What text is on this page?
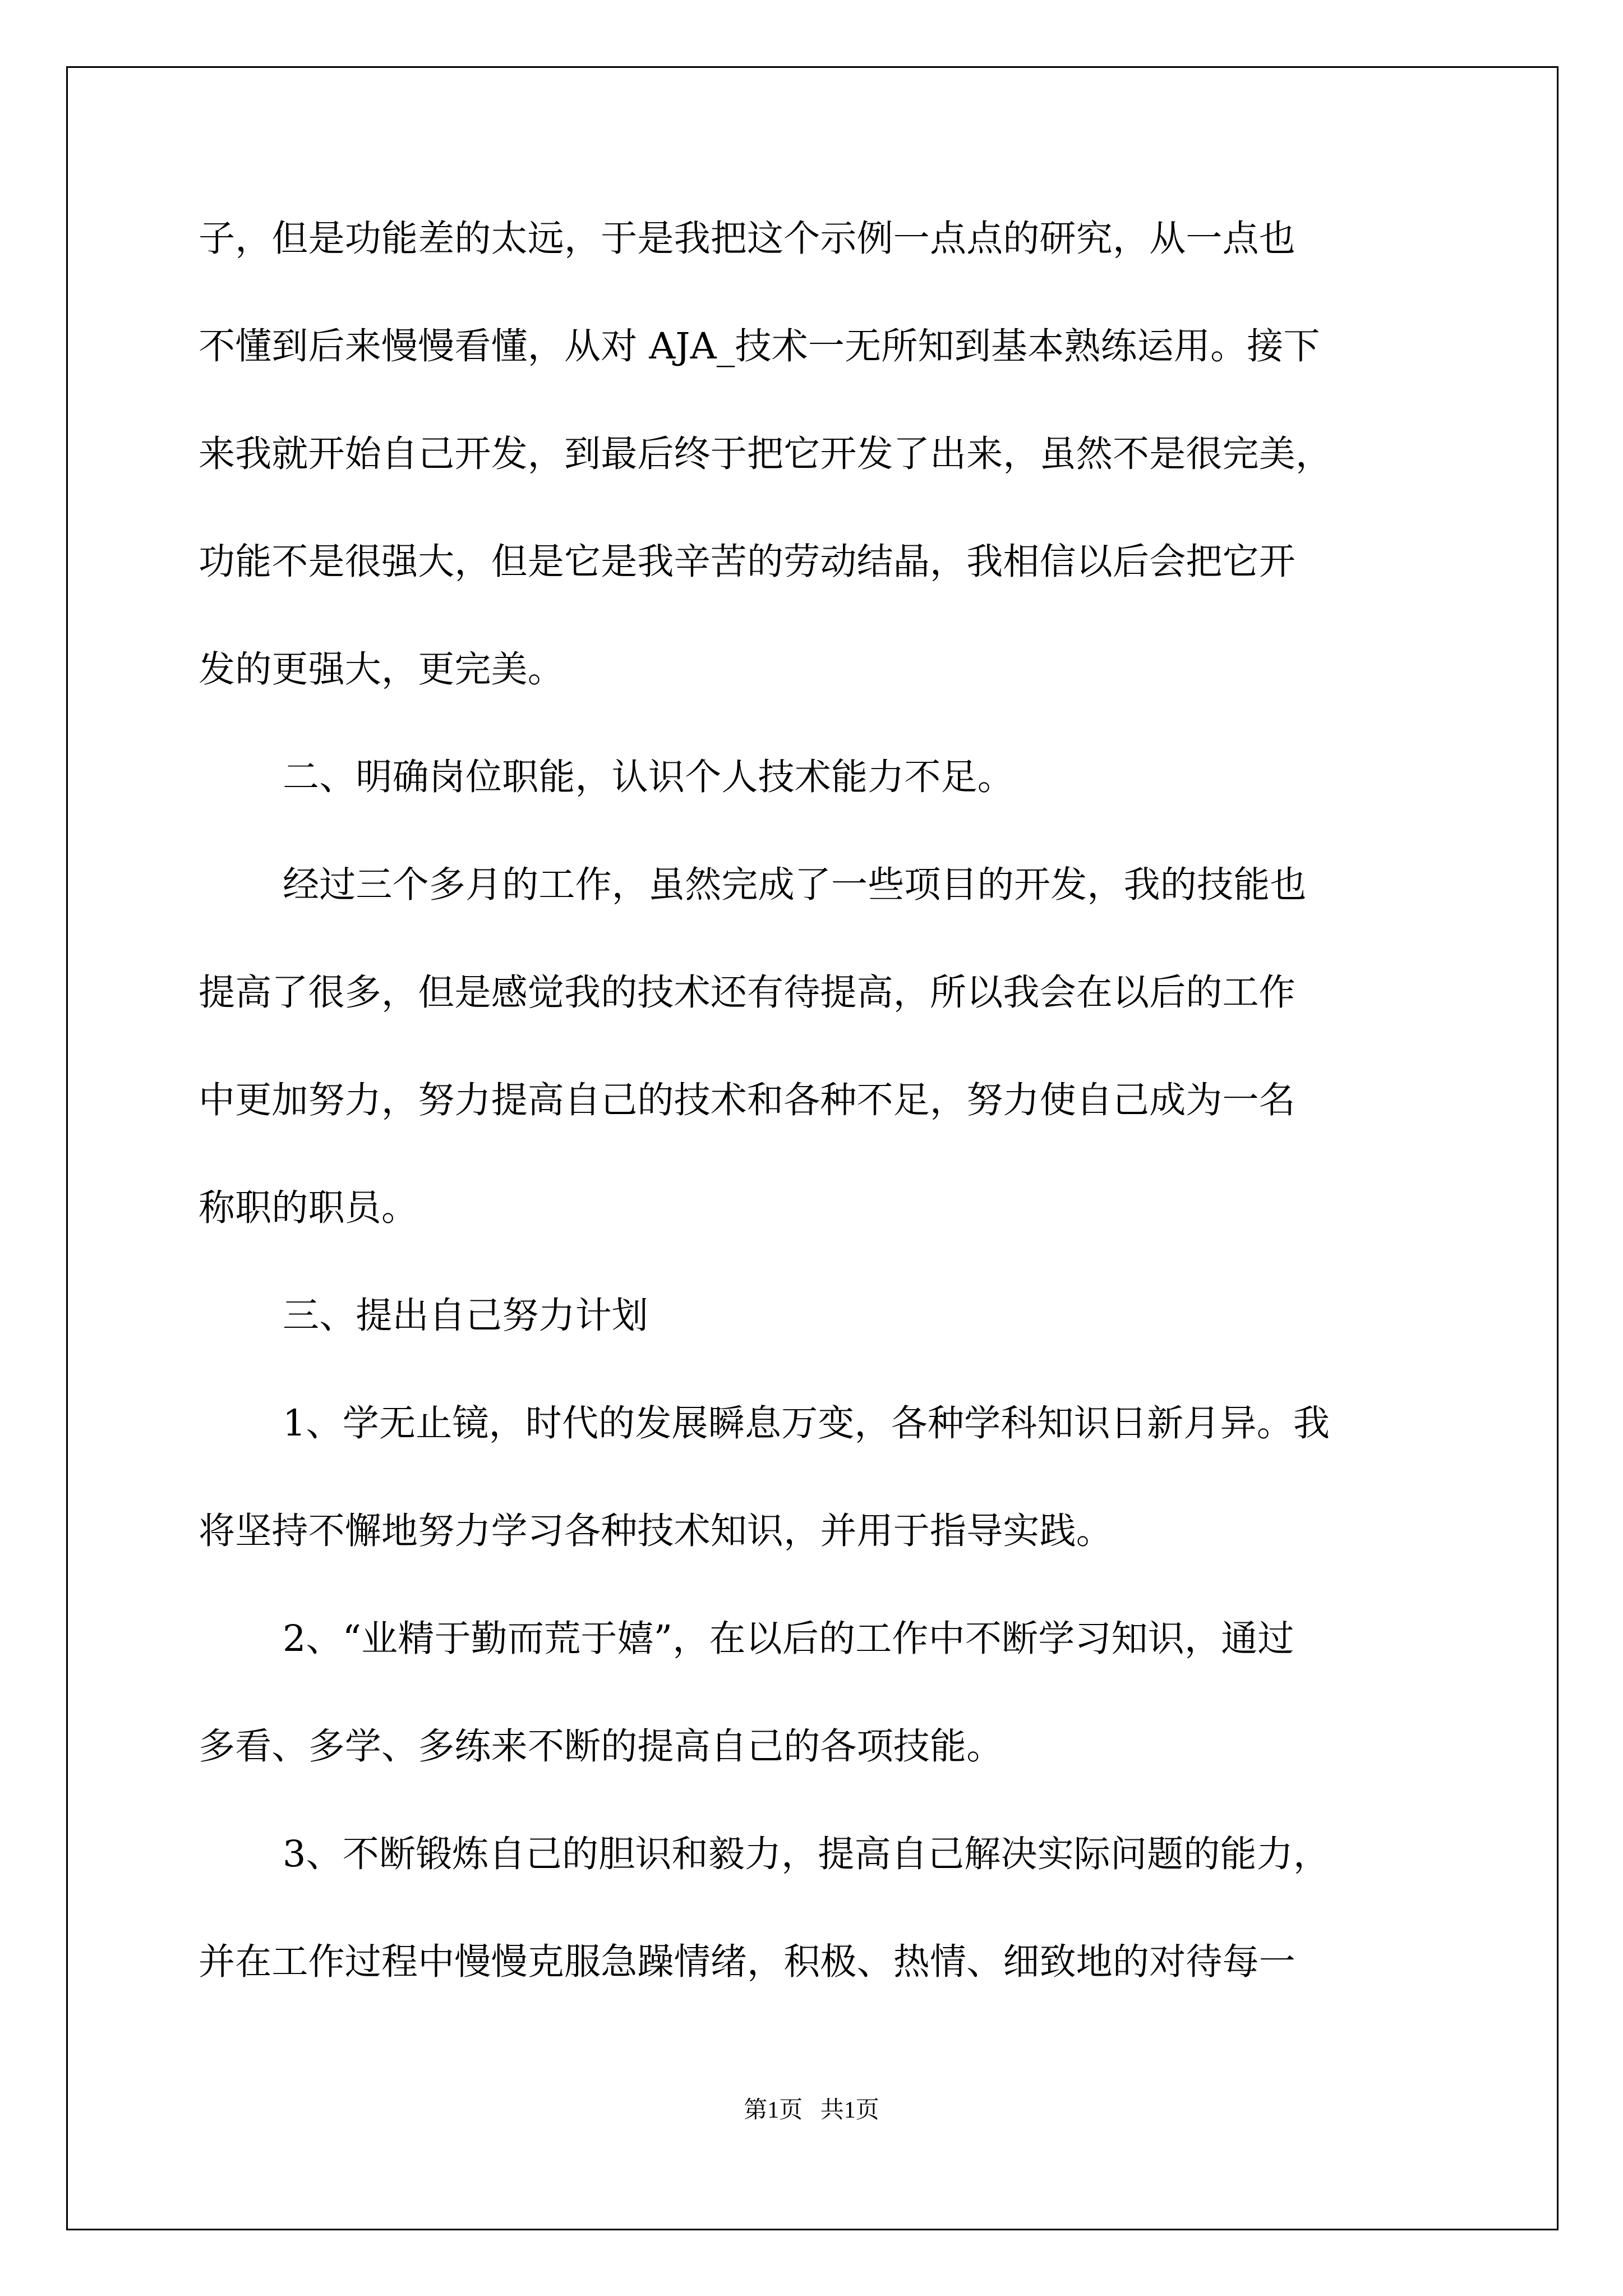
子，但是功能差的太远，于是我把这个示例一点点的研究，从一点也
不懂到后来慢慢看懂，从对 AJA_技术一无所知到基本熟练运用。接下
来我就开始自己开发，到最后终于把它开发了出来，虽然不是很完美，
功能不是很强大，但是它是我辛苦的劳动结晶，我相信以后会把它开
发的更强大，更完美。
二、明确岗位职能，认识个人技术能力不足。
经过三个多月的工作，虽然完成了一些项目的开发，我的技能也
提高了很多，但是感觉我的技术还有待提高，所以我会在以后的工作
中更加努力，努力提高自己的技术和各种不足，努力使自己成为一名
称职的职员。
三、提出自己努力计划
1、学无止镜，时代的发展瞬息万变，各种学科知识日新月异。我
将坚持不懈地努力学习各种技术知识，并用于指导实践。
2、“业精于勤而荒于嬉”，在以后的工作中不断学习知识，通过
多看、多学、多练来不断的提高自己的各项技能。
3、不断锻炼自己的胆识和毅力，提高自己解决实际问题的能力，
并在工作过程中慢慢克服急躁情绪，积极、热情、细致地的对待每一
第1页   共1页
